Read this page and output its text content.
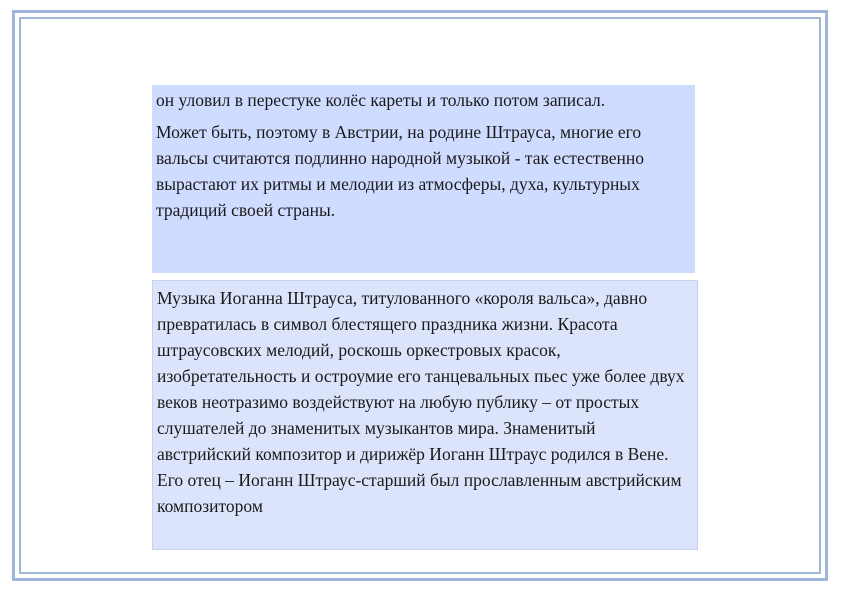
он уловил в перестуке колёс кареты и только потом записал.

Может быть, поэтому в Австрии, на родине Штрауса, многие его вальсы считаются подлинно народной музыкой - так естественно вырастают их ритмы и мелодии из атмосферы, духа, культурных традиций своей страны.

Музыка Иоганна Штрауса, титулованного «короля вальса», давно превратилась в символ блестящего праздника жизни. Красота штраусовских мелодий, роскошь оркестровых красок, изобретательность и остроумие его танцевальных пьес уже более двух веков неотразимо воздействуют на любую публику – от простых слушателей до знаменитых музыкантов мира. Знаменитый австрийский композитор и дирижёр Иоганн Штраус родился в Вене. Его отец – Иоганн Штраус-старший был прославленным австрийским композитором
